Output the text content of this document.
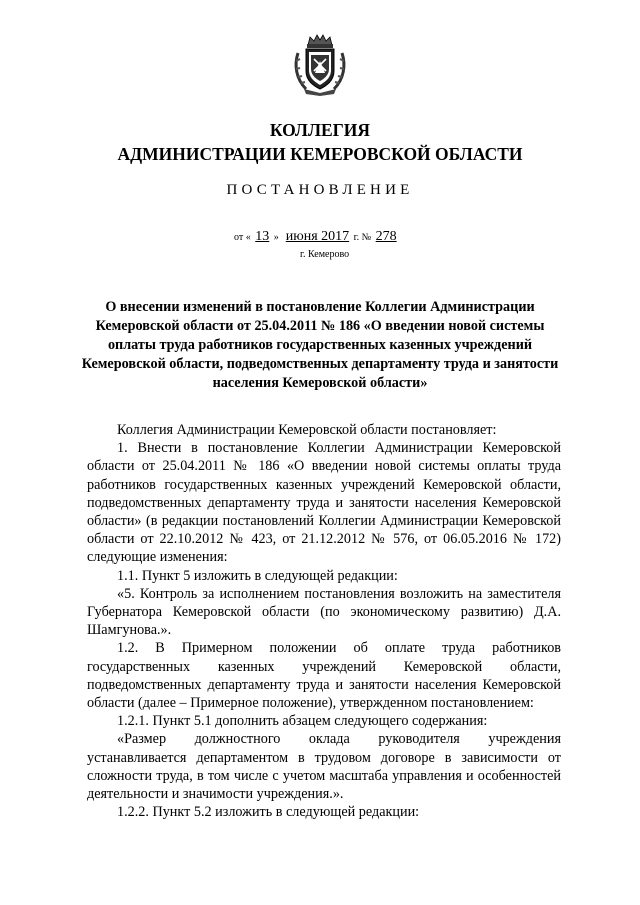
КОЛЛЕГИЯ
АДМИНИСТРАЦИИ КЕМЕРОВСКОЙ ОБЛАСТИ
ПОСТАНОВЛЕНИЕ
от « 13 » июня 2017 г. № 278
г. Кемерово
О внесении изменений в постановление Коллегии Администрации Кемеровской области от 25.04.2011 № 186 «О введении новой системы оплаты труда работников государственных казенных учреждений Кемеровской области, подведомственных департаменту труда и занятости населения Кемеровской области»

Коллегия Администрации Кемеровской области постановляет:

1. Внести в постановление Коллегии Администрации Кемеровской области от 25.04.2011 № 186 «О введении новой системы оплаты труда работников государственных казенных учреждений Кемеровской области, подведомственных департаменту труда и занятости населения Кемеровской области» (в редакции постановлений Коллегии Администрации Кемеровской области от 22.10.2012 № 423, от 21.12.2012 № 576, от 06.05.2016 № 172) следующие изменения:

1.1. Пункт 5 изложить в следующей редакции:

«5. Контроль за исполнением постановления возложить на заместителя Губернатора Кемеровской области (по экономическому развитию) Д.А. Шамгунова.».

1.2. В Примерном положении об оплате труда работников государственных казенных учреждений Кемеровской области, подведомственных департаменту труда и занятости населения Кемеровской области (далее – Примерное положение), утвержденном постановлением:

1.2.1. Пункт 5.1 дополнить абзацем следующего содержания:

«Размер должностного оклада руководителя учреждения устанавливается департаментом в трудовом договоре в зависимости от сложности труда, в том числе с учетом масштаба управления и особенностей деятельности и значимости учреждения.».

1.2.2. Пункт 5.2 изложить в следующей редакции:
